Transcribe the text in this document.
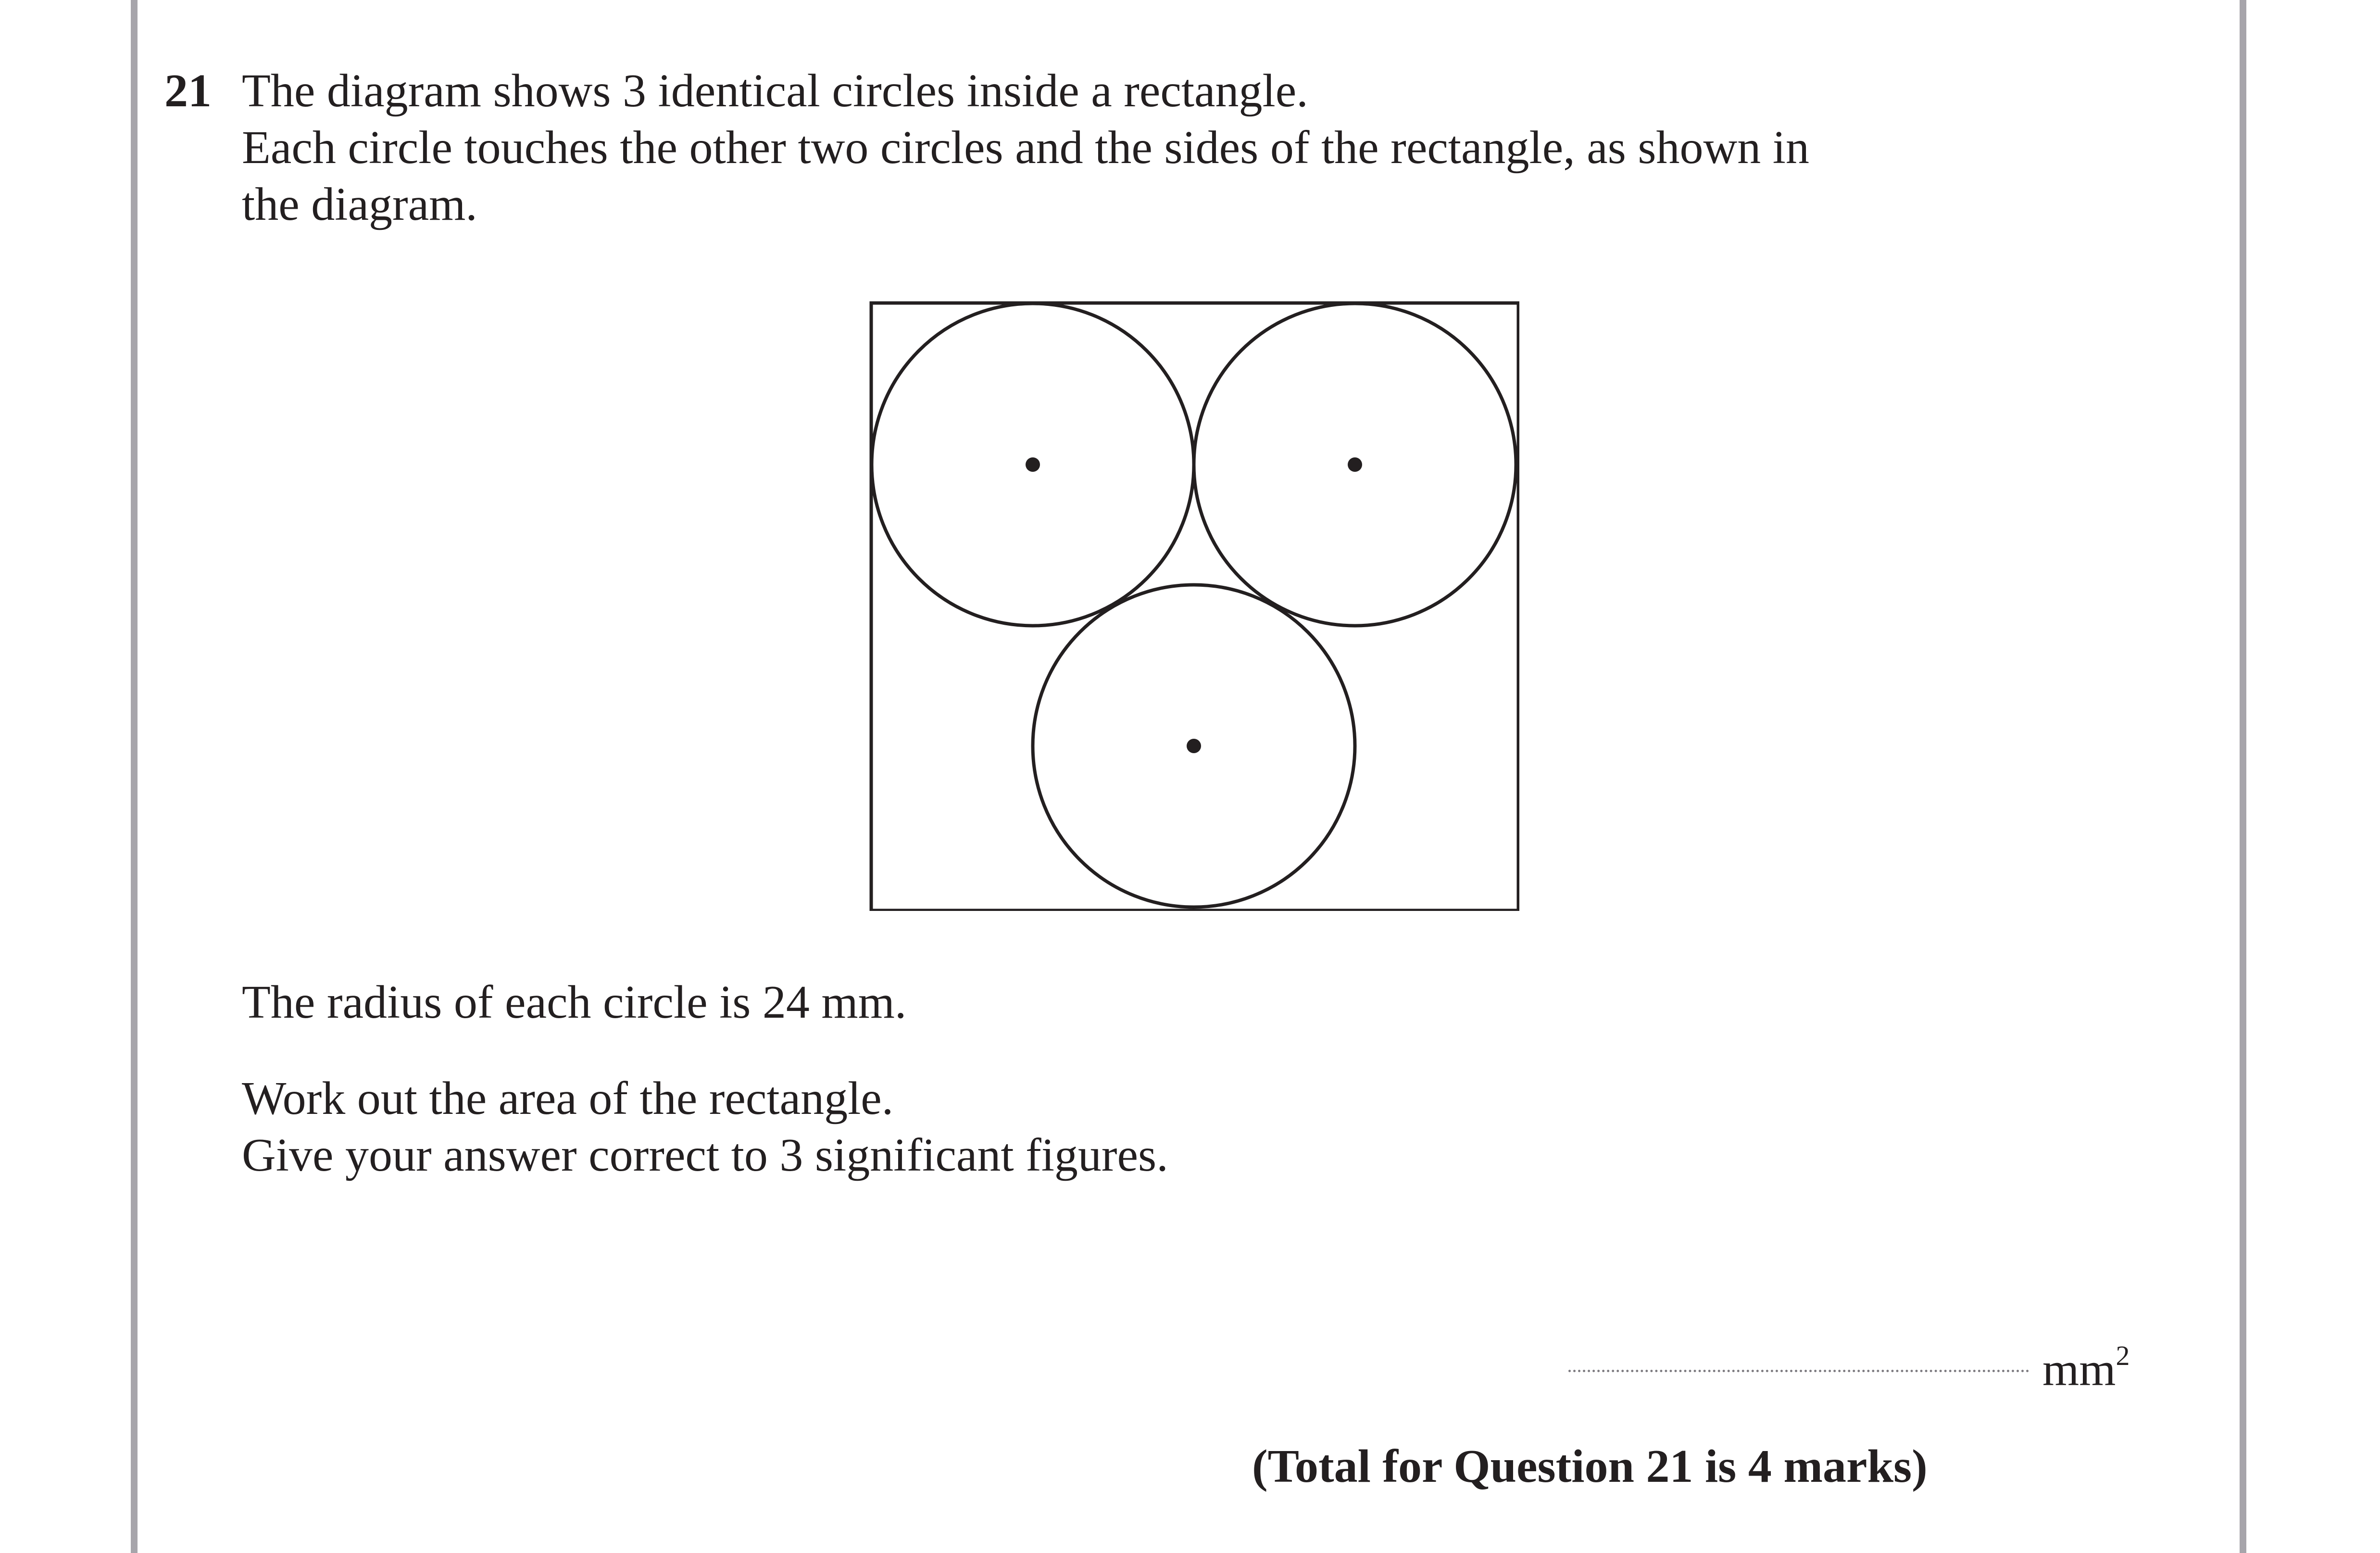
21 The diagram shows 3 identical circles inside a rectangle.
Each circle touches the other two circles and the sides of the rectangle, as shown in
the diagram.
The radius of each circle is 24 mm.
Work out the area of the rectangle.
Give your answer correct to 3 significant figures.
$mm^2$
(Total for Question 21 is 4 marks)
